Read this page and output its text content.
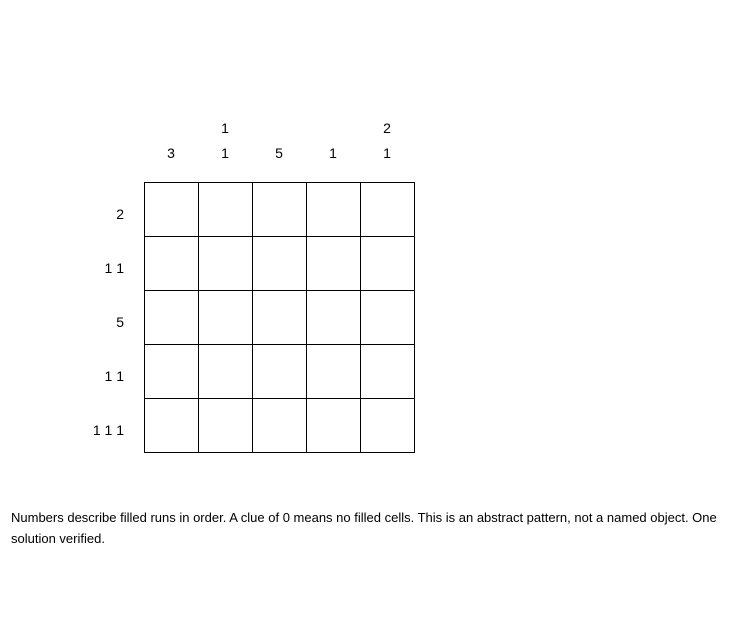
3
1
1	5	1
2
1
2
1 1
5
1 1
1 1 1
Numbers describe filled runs in order. A clue of 0 means no filled cells. This is an abstract pattern, not a named object. One solution verified.
